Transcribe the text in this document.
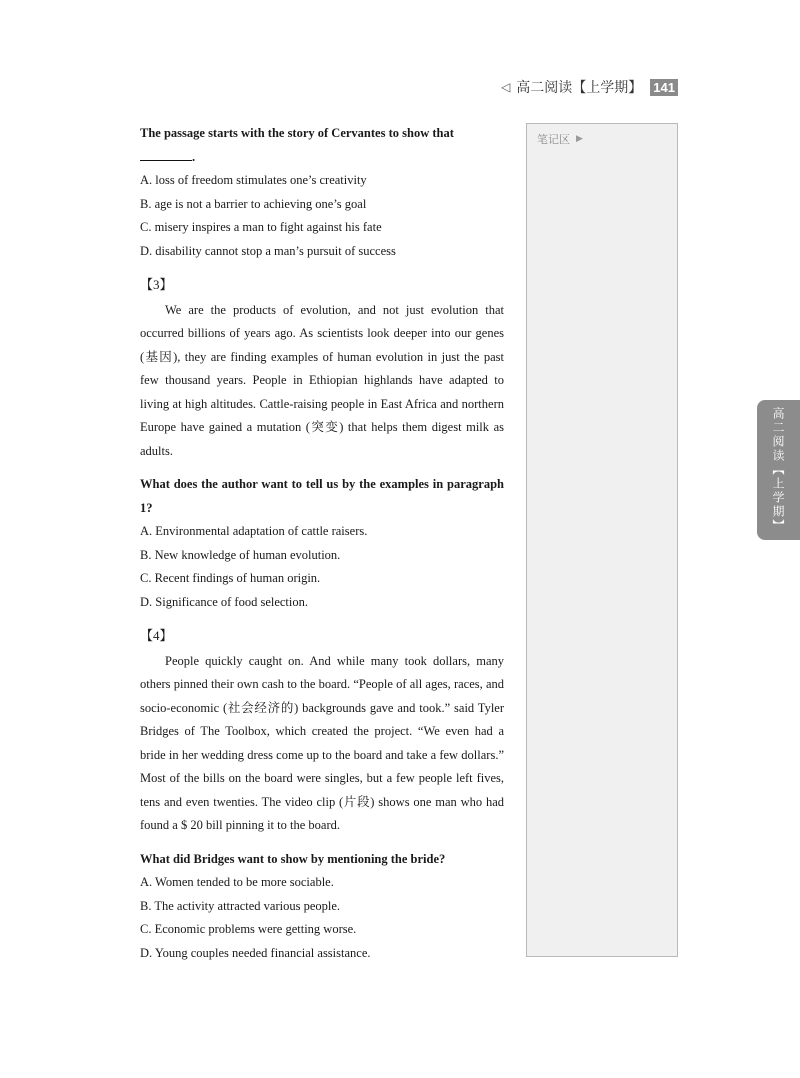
◁ 高二阅读【上学期】 141
The passage starts with the story of Cervantes to show that
.
A. loss of freedom stimulates one’s creativity
B. age is not a barrier to achieving one’s goal
C. misery inspires a man to fight against his fate
D. disability cannot stop a man’s pursuit of success
【3】

We are the products of evolution, and not just evolution that occurred billions of years ago. As scientists look deeper into our genes (基因), they are finding examples of human evolution in just the past few thousand years. People in Ethiopian highlands have adapted to living at high altitudes. Cattle-raising people in East Africa and northern Europe have gained a mutation (突变) that helps them digest milk as adults.

What does the author want to tell us by the examples in paragraph 1?
A. Environmental adaptation of cattle raisers.
B. New knowledge of human evolution.
C. Recent findings of human origin.
D. Significance of food selection.
【4】

People quickly caught on. And while many took dollars, many others pinned their own cash to the board. “People of all ages, races, and socio-economic (社会经济的) backgrounds gave and took.” said Tyler Bridges of The Toolbox, which created the project. “We even had a bride in her wedding dress come up to the board and take a few dollars.” Most of the bills on the board were singles, but a few people left fives, tens and even twenties. The video clip (片段) shows one man who had found a $ 20 bill pinning it to the board.

What did Bridges want to show by mentioning the bride?
A. Women tended to be more sociable.
B. The activity attracted various people.
C. Economic problems were getting worse.
D. Young couples needed financial assistance.
笔记区 ▶
高二阅读【上学期】
